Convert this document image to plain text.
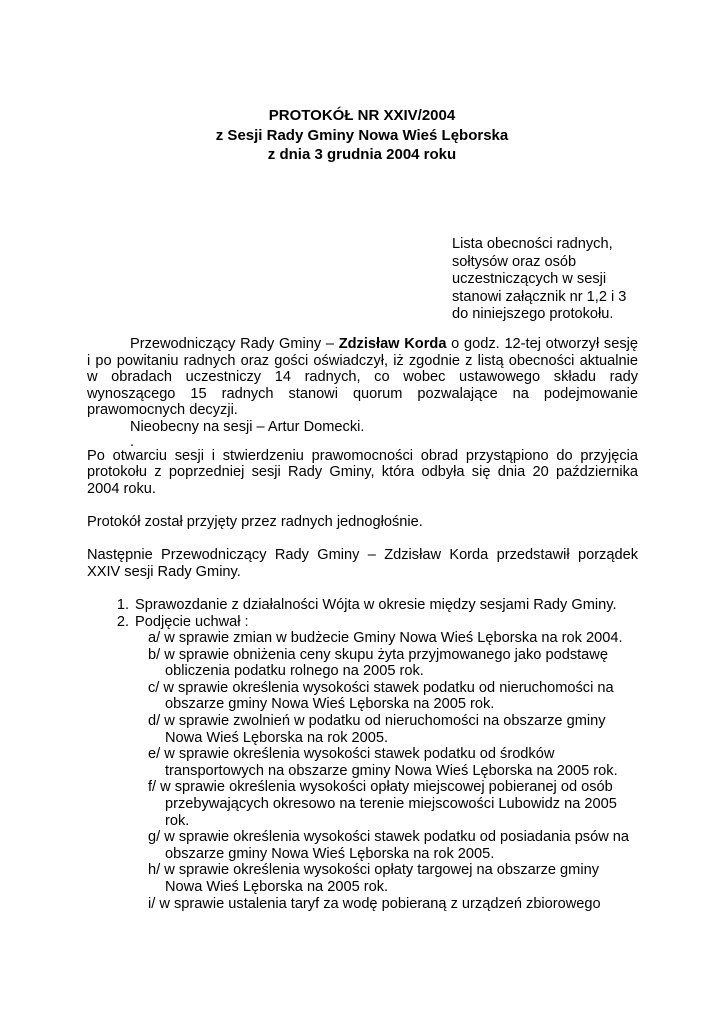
PROTOKÓŁ NR XXIV/2004
z Sesji Rady Gminy Nowa Wieś Lęborska
z dnia 3 grudnia 2004 roku
Lista obecności radnych,
sołtysów oraz osób
uczestniczących w sesji
stanowi załącznik nr 1,2 i 3
do niniejszego protokołu.
Przewodniczący Rady Gminy – Zdzisław Korda o godz. 12-tej otworzył sesję i po powitaniu radnych oraz gości oświadczył, iż zgodnie z listą obecności aktualnie w obradach uczestniczy 14 radnych, co wobec ustawowego składu rady wynoszącego 15 radnych stanowi quorum pozwalające na podejmowanie prawomocnych decyzji.
Nieobecny na sesji – Artur Domecki.
.
Po otwarciu sesji i stwierdzeniu prawomocności obrad przystąpiono do przyjęcia protokołu z poprzedniej sesji Rady Gminy, która odbyła się dnia 20 października 2004 roku.
Protokół został przyjęty przez radnych jednogłośnie.
Następnie Przewodniczący Rady Gminy – Zdzisław Korda przedstawił porządek XXIV sesji Rady Gminy.
1. Sprawozdanie z działalności Wójta w okresie między sesjami Rady Gminy.
2. Podjęcie uchwał :
a/ w sprawie zmian w budżecie Gminy Nowa Wieś Lęborska na rok 2004.
b/ w sprawie obniżenia ceny skupu żyta przyjmowanego jako podstawę obliczenia podatku rolnego na 2005 rok.
c/ w sprawie określenia wysokości stawek podatku od nieruchomości na obszarze gminy Nowa Wieś Lęborska na 2005 rok.
d/ w sprawie zwolnień w podatku od nieruchomości na obszarze gminy Nowa Wieś Lęborska na rok 2005.
e/ w sprawie określenia wysokości stawek podatku od środków transportowych na obszarze gminy Nowa Wieś Lęborska na 2005 rok.
f/ w sprawie określenia wysokości opłaty miejscowej pobieranej od osób przebywających okresowo na terenie miejscowości Lubowidz na 2005 rok.
g/ w sprawie określenia wysokości stawek podatku od posiadania psów na obszarze gminy Nowa Wieś Lęborska na rok 2005.
h/ w sprawie określenia wysokości opłaty targowej na obszarze gminy Nowa Wieś Lęborska na 2005 rok.
i/ w sprawie ustalenia taryf za wodę pobieraną z urządzeń zbiorowego
